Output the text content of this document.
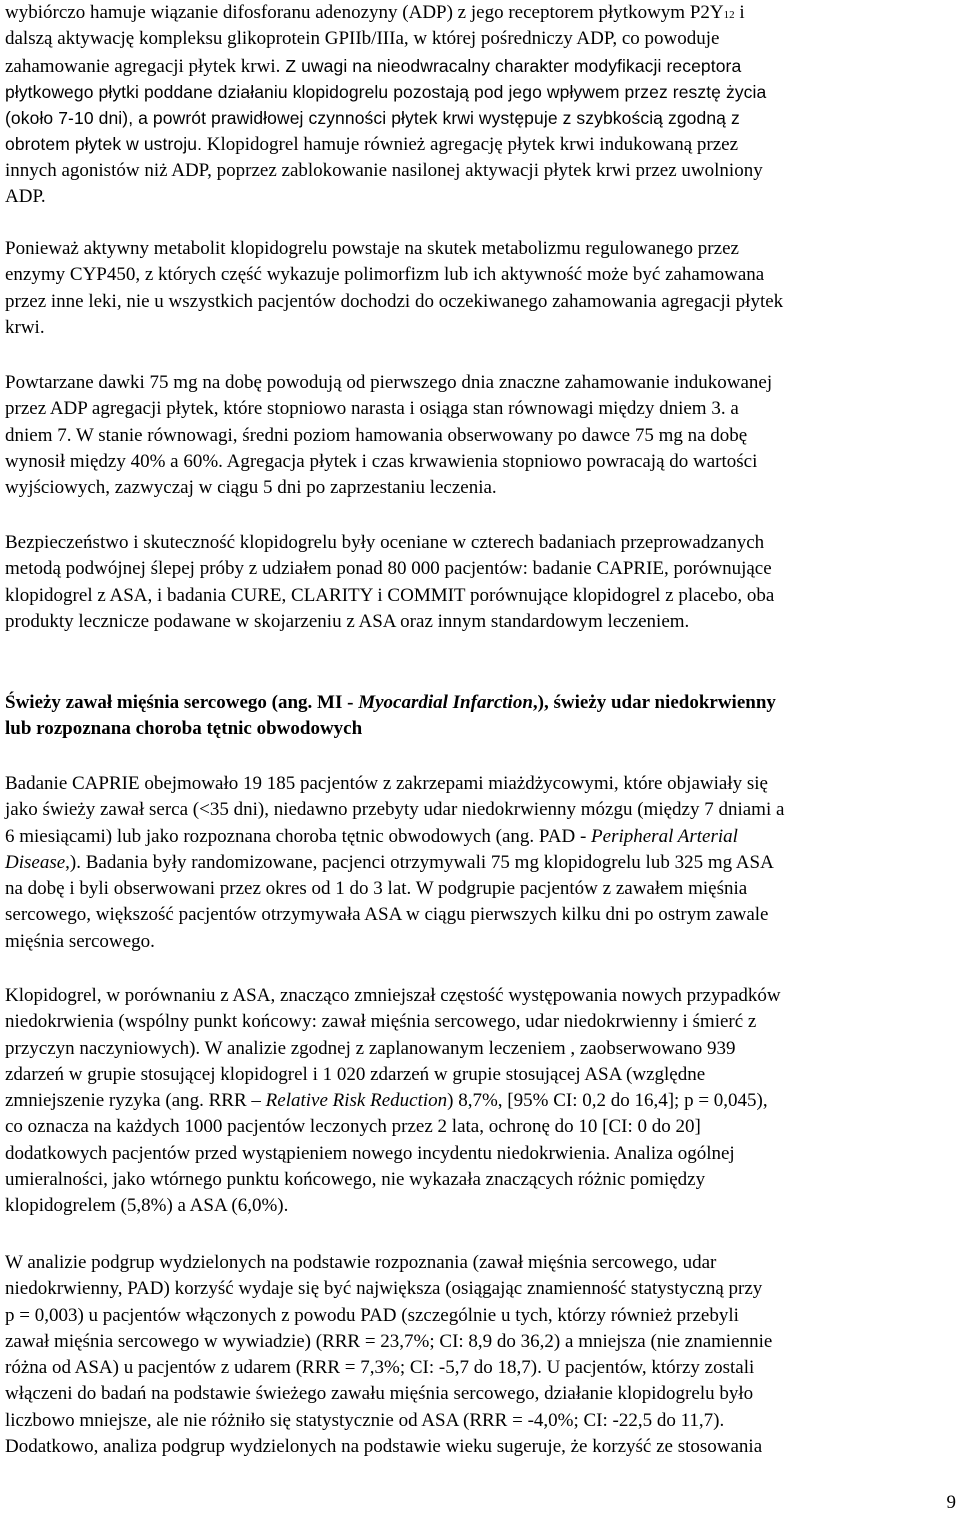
wybiórczo hamuje wiązanie difosforanu adenozyny (ADP) z jego receptorem płytkowym P2Y12 i
dalszą aktywację kompleksu glikoprotein GPIIb/IIIa, w której pośredniczy ADP, co powoduje
zahamowanie agregacji płytek krwi. Z uwagi na nieodwracalny charakter modyfikacji receptora
płytkowego płytki poddane działaniu klopidogrelu pozostają pod jego wpływem przez resztę życia
(około 7-10 dni), a powrót prawidłowej czynności płytek krwi występuje z szybkością zgodną z
obrotem płytek w ustroju. Klopidogrel hamuje również agregację płytek krwi indukowaną przez
innych agonistów niż ADP, poprzez zablokowanie nasilonej aktywacji płytek krwi przez uwolniony
ADP.
Ponieważ aktywny metabolit klopidogrelu powstaje na skutek metabolizmu regulowanego przez
enzymy CYP450, z których część wykazuje polimorfizm lub ich aktywność może być zahamowana
przez inne leki, nie u wszystkich pacjentów dochodzi do oczekiwanego zahamowania agregacji płytek
krwi.
Powtarzane dawki 75 mg na dobę powodują od pierwszego dnia znaczne zahamowanie indukowanej
przez ADP agregacji płytek, które stopniowo narasta i osiąga stan równowagi między dniem 3. a
dniem 7. W stanie równowagi, średni poziom hamowania obserwowany po dawce 75 mg na dobę
wynosił między 40% a 60%. Agregacja płytek i czas krwawienia stopniowo powracają do wartości
wyjściowych, zazwyczaj w ciągu 5 dni po zaprzestaniu leczenia.
Bezpieczeństwo i skuteczność klopidogrelu były oceniane w czterech badaniach przeprowadzanych
metodą podwójnej ślepej próby z udziałem ponad 80 000 pacjentów: badanie CAPRIE, porównujące
klopidogrel z ASA, i badania CURE, CLARITY i COMMIT porównujące klopidogrel z placebo, oba
produkty lecznicze podawane w skojarzeniu z ASA oraz innym standardowym leczeniem.
Świeży zawał mięśnia sercowego (ang. MI - Myocardial Infarction,), świeży udar niedokrwienny
lub rozpoznana choroba tętnic obwodowych
Badanie CAPRIE obejmowało 19 185 pacjentów z zakrzepami miażdżycowymi, które objawiały się
jako świeży zawał serca (<35 dni), niedawno przebyty udar niedokrwienny mózgu (między 7 dniami a
6 miesiącami) lub jako rozpoznana choroba tętnic obwodowych (ang. PAD - Peripheral Arterial
Disease,). Badania były randomizowane, pacjenci otrzymywali 75 mg klopidogrelu lub 325 mg ASA
na dobę i byli obserwowani przez okres od 1 do 3 lat. W podgrupie pacjentów z zawałem mięśnia
sercowego, większość pacjentów otrzymywała ASA w ciągu pierwszych kilku dni po ostrym zawale
mięśnia sercowego.
Klopidogrel, w porównaniu z ASA, znacząco zmniejszał częstość występowania nowych przypadków
niedokrwienia (wspólny punkt końcowy: zawał mięśnia sercowego, udar niedokrwienny i śmierć z
przyczyn naczyniowych). W analizie zgodnej z zaplanowanym leczeniem , zaobserwowano 939
zdarzeń w grupie stosującej klopidogrel i 1 020 zdarzeń w grupie stosującej ASA (względne
zmniejszenie ryzyka (ang. RRR – Relative Risk Reduction) 8,7%, [95% CI: 0,2 do 16,4]; p = 0,045),
co oznacza na każdych 1000 pacjentów leczonych przez 2 lata, ochronę do 10 [CI: 0 do 20]
dodatkowych pacjentów przed wystąpieniem nowego incydentu niedokrwienia. Analiza ogólnej
umieralności, jako wtórnego punktu końcowego, nie wykazała znaczących różnic pomiędzy
klopidogrelem (5,8%) a ASA (6,0%).
W analizie podgrup wydzielonych na podstawie rozpoznania (zawał mięśnia sercowego, udar
niedokrwienny, PAD) korzyść wydaje się być największa (osiągając znamienność statystyczną przy
p = 0,003) u pacjentów włączonych z powodu PAD (szczególnie u tych, którzy również przebyli
zawał mięśnia sercowego w wywiadzie) (RRR = 23,7%; CI: 8,9 do 36,2) a mniejsza (nie znamiennie
różna od ASA) u pacjentów z udarem (RRR = 7,3%; CI: -5,7 do 18,7). U pacjentów, którzy zostali
włączeni do badań na podstawie świeżego zawału mięśnia sercowego, działanie klopidogrelu było
liczbowo mniejsze, ale nie różniło się statystycznie od ASA (RRR = -4,0%; CI: -22,5 do 11,7).
Dodatkowo, analiza podgrup wydzielonych na podstawie wieku sugeruje, że korzyść ze stosowania
9
